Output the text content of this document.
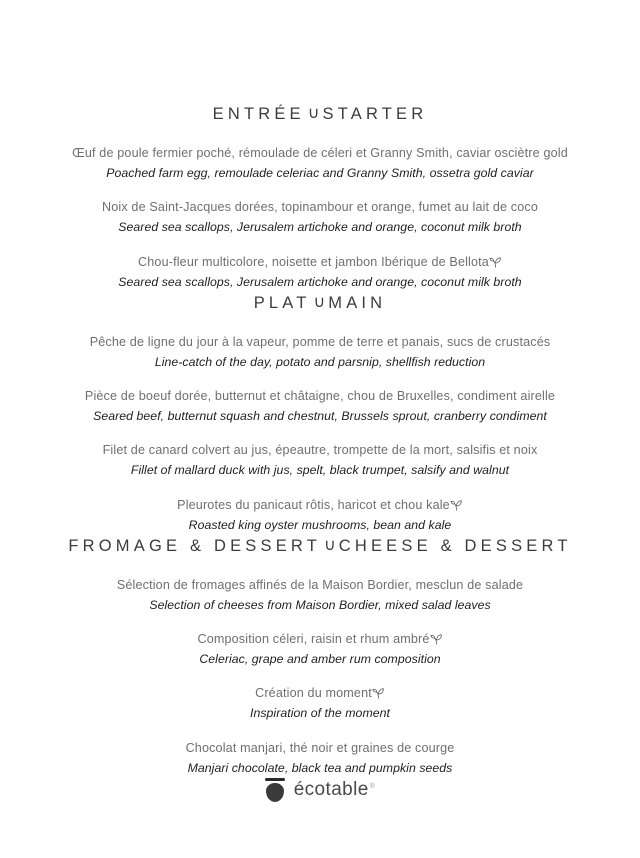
ENTRÉE ∪ STARTER
Œuf de poule fermier poché, rémoulade de céleri et Granny Smith, caviar osciètre gold
Poached farm egg, remoulade celeriac and Granny Smith, ossetra gold caviar
Noix de Saint-Jacques dorées, topinambour et orange, fumet au lait de coco
Seared sea scallops, Jerusalem artichoke and orange, coconut milk broth
Chou-fleur multicolore, noisette et jambon Ibérique de Bellota
Seared sea scallops, Jerusalem artichoke and orange, coconut milk broth
PLAT ∪ MAIN
Pêche de ligne du jour à la vapeur, pomme de terre et panais, sucs de crustacés
Line-catch of the day, potato and parsnip, shellfish reduction
Pièce de boeuf dorée, butternut et châtaigne, chou de Bruxelles, condiment airelle
Seared beef, butternut squash and chestnut, Brussels sprout, cranberry condiment
Filet de canard colvert au jus, épeautre, trompette de la mort, salsifis et noix
Fillet of mallard duck with jus, spelt, black trumpet, salsify and walnut
Pleurotes du panicaut rôtis, haricot et chou kale
Roasted king oyster mushrooms, bean and kale
FROMAGE & DESSERT ∪ CHEESE & DESSERT
Sélection de fromages affinés de la Maison Bordier, mesclun de salade
Selection of cheeses from Maison Bordier, mixed salad leaves
Composition céleri, raisin et rhum ambré
Celeriac, grape and amber rum composition
Création du moment
Inspiration of the moment
Chocolat manjari, thé noir et graines de courge
Manjari chocolate, black tea and pumpkin seeds
écotable®
